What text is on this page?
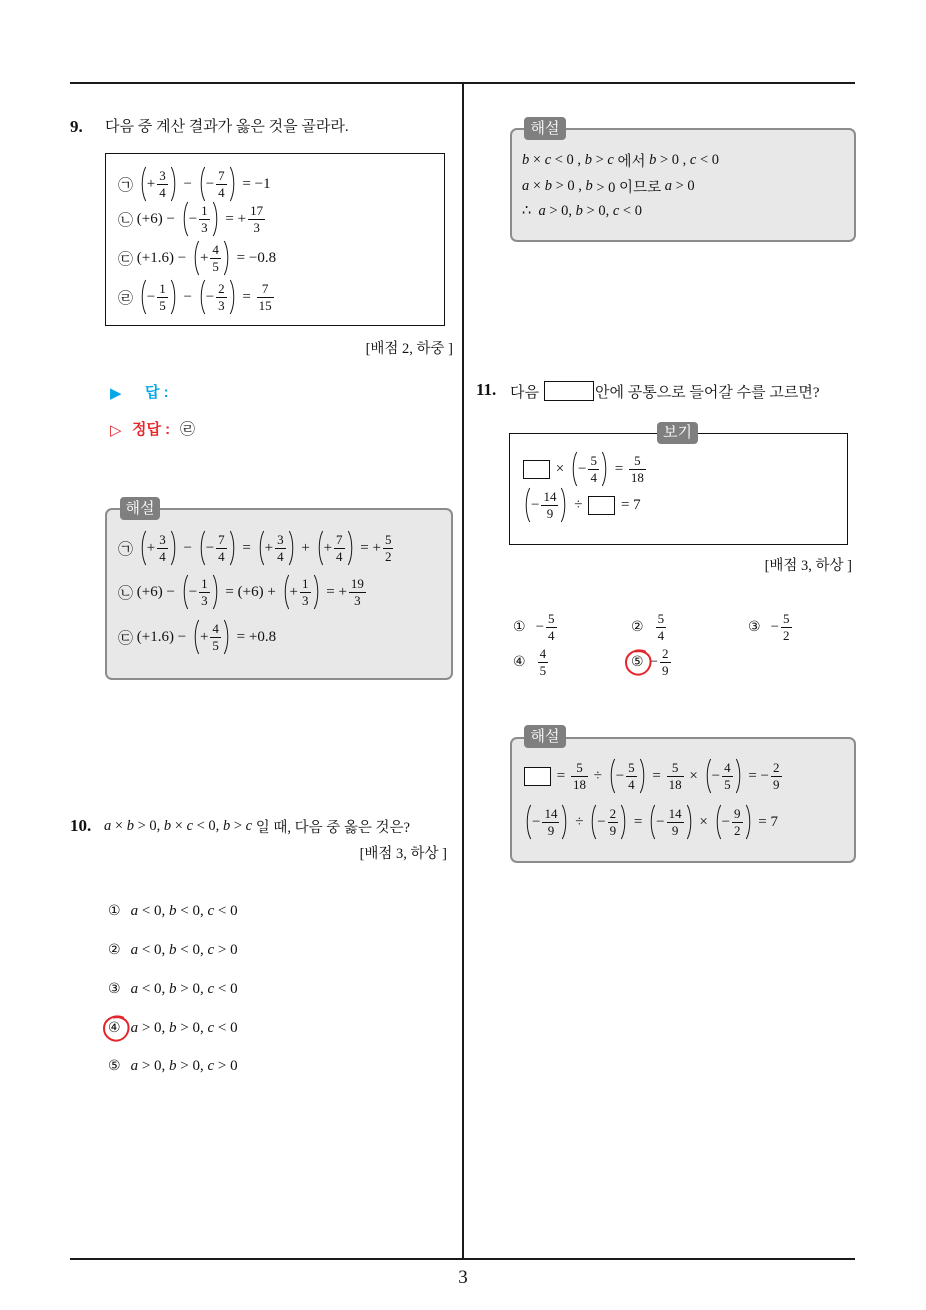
3
9. 다음 중 계산 결과가 옳은 것을 골라라.
㉠ + $\frac{3}{4}$ − − $\frac{7}{4} = -1$
㉡ (+6) − − $\frac{1}{3}$ = + $\frac{17}{3}$
㉢ (+1.6) − + $\frac{4}{5} = -0.8$
㉣ − $\frac{1}{5}$ − − $\frac{2}{3} = \frac{7}{15}$
[배점 2, 하중 ]
▶ 답 :
▷ 정답 : ㉣
해설
㉠ + $\frac{3}{4}$ − − $\frac{7}{4}$ = + $\frac{3}{4}$ + + $\frac{7}{4}$ = + $\frac{5}{2}$
㉡ (+6) − − $\frac{1}{3} = (+6)$ + + $\frac{1}{3}$ = + $\frac{19}{3}$
㉢ (+1.6) − + $\frac{4}{5} = +0.8$
10. a × b > 0, b × c < 0, b > c 일 때, 다음 중 옳은 것은?
[배점 3, 하상 ]
① a < 0, b < 0, c < 0
② a < 0, b < 0, c > 0
③ a < 0, b > 0, c < 0
④ a > 0, b > 0, c < 0
⑤ a > 0, b > 0, c > 0
해설
b × c < 0 , b > c 에서 b > 0 , c < 0
a × b > 0 , b > 0 이므로 a > 0
∴ a > 0, b > 0, c < 0
11. 다음	안에 공통으로 들어갈 수를 고르면?
보기
× − $\frac{5}{4} = \frac{5}{18}$
− $\frac{14}{9}$ ÷ = 7
[배점 3, 하상 ]
① − $\frac{5}{4}$	② $\frac{5}{4}$	③ − $\frac{5}{2}$
④ $\frac{4}{5}$	⑤ − $\frac{2}{9}$
해설
= $\frac{5}{18}$ ÷ − $\frac{5}{4} = \frac{5}{18}$ × − $\frac{4}{5}$ = − $\frac{2}{9}$
− $\frac{14}{9}$ ÷ − $\frac{2}{9}$ = − $\frac{14}{9}$ × − $\frac{9}{2} = 7$
